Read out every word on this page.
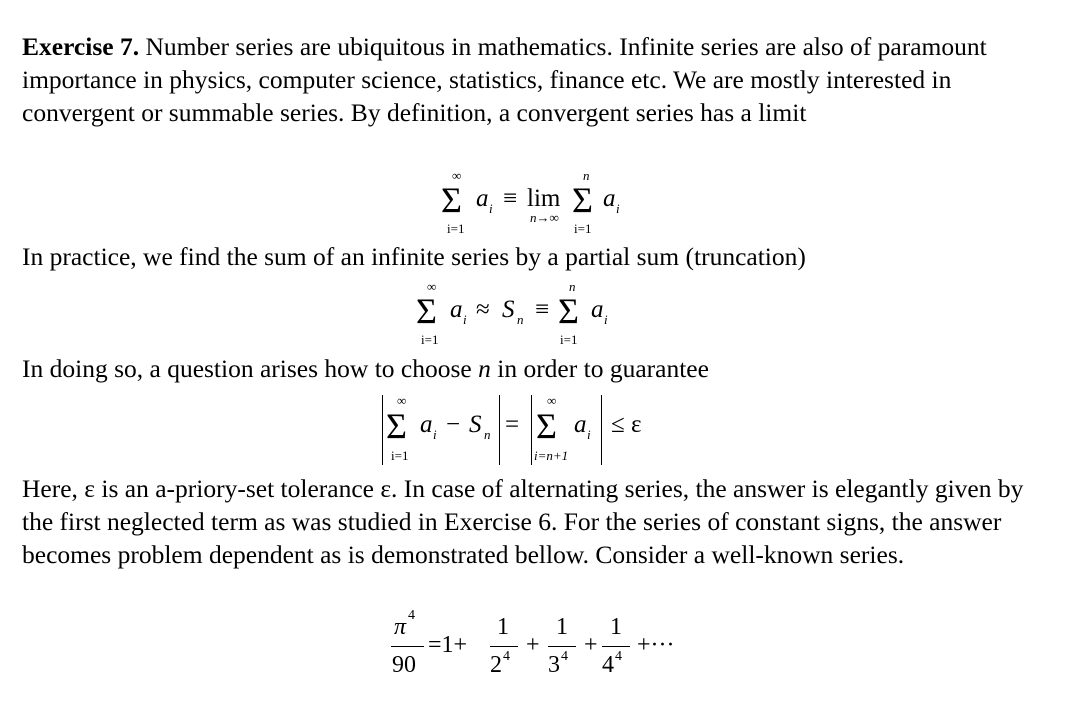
Exercise 7. Number series are ubiquitous in mathematics. Infinite series are also of paramount importance in physics, computer science, statistics, finance etc. We are mostly interested in convergent or summable series. By definition, a convergent series has a limit

∞
Σ
i=1
a i ≡ lim
n→∞
n
Σ
i=1
a i

In practice, we find the sum of an infinite series by a partial sum (truncation)

∞
Σ
i=1
a i ≈ S n ≡
n
Σ
i=1
a i

In doing so, a question arises how to choose n in order to guarantee

∞
Σ
i=1
a i − S n =
∞
Σ
i=n+1
a i ≤ ε

Here, ε is an a-priory-set tolerance ε. In case of alternating series, the answer is elegantly given by the first neglected term as was studied in Exercise 6. For the series of constant signs, the answer becomes problem dependent as is demonstrated bellow. Consider a well-known series.

π 4
90
=1+
1
2 4 +
1
3 4 +
1
4 4 +···
